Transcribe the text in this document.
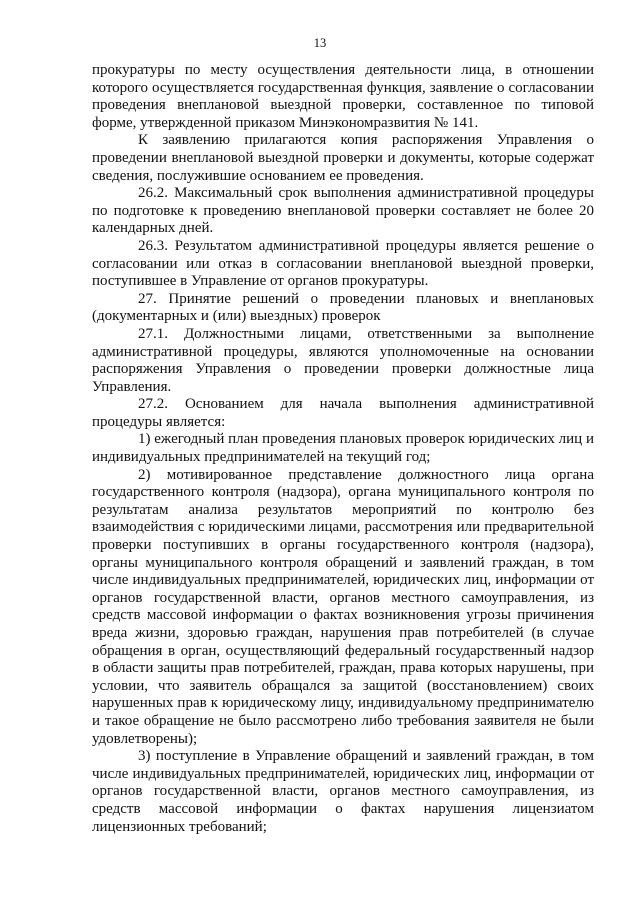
13

прокуратуры по месту осуществления деятельности лица, в отношении которого осуществляется государственная функция, заявление о согласовании проведения внеплановой выездной проверки, составленное по типовой форме, утвержденной приказом Минэкономразвития № 141.

К заявлению прилагаются копия распоряжения Управления о проведении внеплановой выездной проверки и документы, которые содержат сведения, послужившие основанием ее проведения.

26.2. Максимальный срок выполнения административной процедуры по подготовке к проведению внеплановой проверки составляет не более 20 календарных дней.

26.3. Результатом административной процедуры является решение о согласовании или отказ в согласовании внеплановой выездной проверки, поступившее в Управление от органов прокуратуры.

27. Принятие решений о проведении плановых и внеплановых (документарных и (или) выездных) проверок

27.1. Должностными лицами, ответственными за выполнение административной процедуры, являются уполномоченные на основании распоряжения Управления о проведении проверки должностные лица Управления.

27.2. Основанием для начала выполнения административной процедуры является:

1) ежегодный план проведения плановых проверок юридических лиц и индивидуальных предпринимателей на текущий год;

2) мотивированное представление должностного лица органа государственного контроля (надзора), органа муниципального контроля по результатам анализа результатов мероприятий по контролю без взаимодействия с юридическими лицами, рассмотрения или предварительной проверки поступивших в органы государственного контроля (надзора), органы муниципального контроля обращений и заявлений граждан, в том числе индивидуальных предпринимателей, юридических лиц, информации от органов государственной власти, органов местного самоуправления, из средств массовой информации о фактах возникновения угрозы причинения вреда жизни, здоровью граждан, нарушения прав потребителей (в случае обращения в орган, осуществляющий федеральный государственный надзор в области защиты прав потребителей, граждан, права которых нарушены, при условии, что заявитель обращался за защитой (восстановлением) своих нарушенных прав к юридическому лицу, индивидуальному предпринимателю и такое обращение не было рассмотрено либо требования заявителя не были удовлетворены);

3) поступление в Управление обращений и заявлений граждан, в том числе индивидуальных предпринимателей, юридических лиц, информации от органов государственной власти, органов местного самоуправления, из средств массовой информации о фактах нарушения лицензиатом лицензионных требований;
